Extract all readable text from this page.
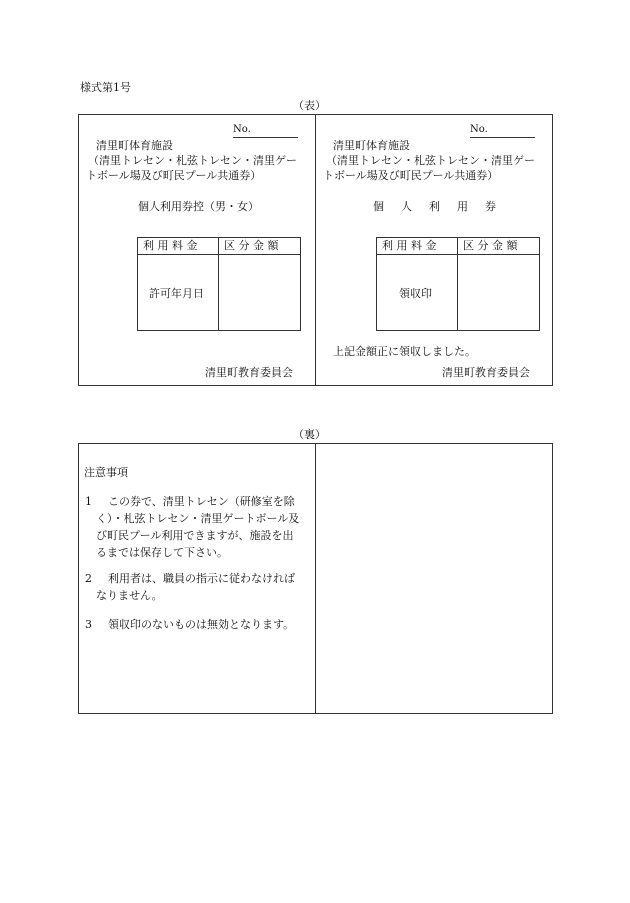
様式第1号
（表）
No.
清里町体育施設
（清里トレセン・札弦トレセン・清里ゲー
トボール場及び町民プール共通券）
個人利用券控（男・女）
利 用 料 金 区 分 金 額
許可年月日
清里町教育委員会
No.
清里町体育施設
（清里トレセン・札弦トレセン・清里ゲー
トボール場及び町民プール共通券）
個人利用券
利 用 料 金 区 分 金 額
領収印
上記金額正に領収しました。
清里町教育委員会
（裏）
注意事項
1 この券で、清里トレセン（研修室を除
く）・札弦トレセン・清里ゲートボール及
び町民プール利用できますが、施設を出
るまでは保存して下さい。
2 利用者は、職員の指示に従わなければ
なりません。
3 領収印のないものは無効となります。
